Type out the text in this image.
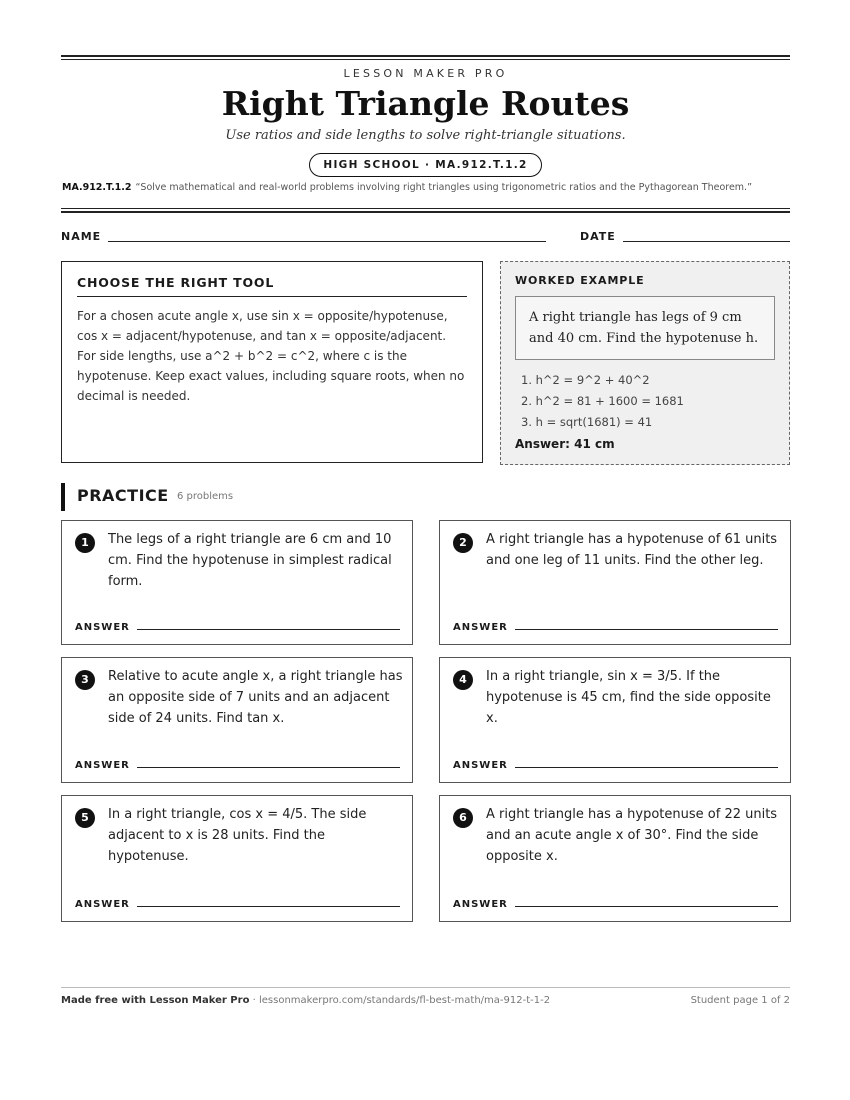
LESSON MAKER PRO
Right Triangle Routes
Use ratios and side lengths to solve right-triangle situations.
HIGH SCHOOL · MA.912.T.1.2
MA.912.T.1.2 “Solve mathematical and real-world problems involving right triangles using trigonometric ratios and the Pythagorean Theorem.”
NAME	DATE
CHOOSE THE RIGHT TOOL
For a chosen acute angle x, use sin x = opposite/hypotenuse, cos x = adjacent/hypotenuse, and tan x = opposite/adjacent. For side lengths, use a^2 + b^2 = c^2, where c is the hypotenuse. Keep exact values, including square roots, when no decimal is needed.
WORKED EXAMPLE
A right triangle has legs of 9 cm and 40 cm. Find the hypotenuse h.
1. h^2 = 9^2 + 40^2
2. h^2 = 81 + 1600 = 1681
3. h = sqrt(1681) = 41
Answer: 41 cm
PRACTICE 6 problems
1	The legs of a right triangle are 6 cm and 10 cm. Find the hypotenuse in simplest radical form.
ANSWER
2	A right triangle has a hypotenuse of 61 units and one leg of 11 units. Find the other leg.
ANSWER
3	Relative to acute angle x, a right triangle has an opposite side of 7 units and an adjacent side of 24 units. Find tan x.
ANSWER
4	In a right triangle, sin x = 3/5. If the hypotenuse is 45 cm, find the side opposite x.
ANSWER
5	In a right triangle, cos x = 4/5. The side adjacent to x is 28 units. Find the hypotenuse.
ANSWER
6	A right triangle has a hypotenuse of 22 units and an acute angle x of 30°. Find the side opposite x.
ANSWER
Made free with Lesson Maker Pro · lessonmakerpro.com/standards/fl-best-math/ma-912-t-1-2	Student page 1 of 2
